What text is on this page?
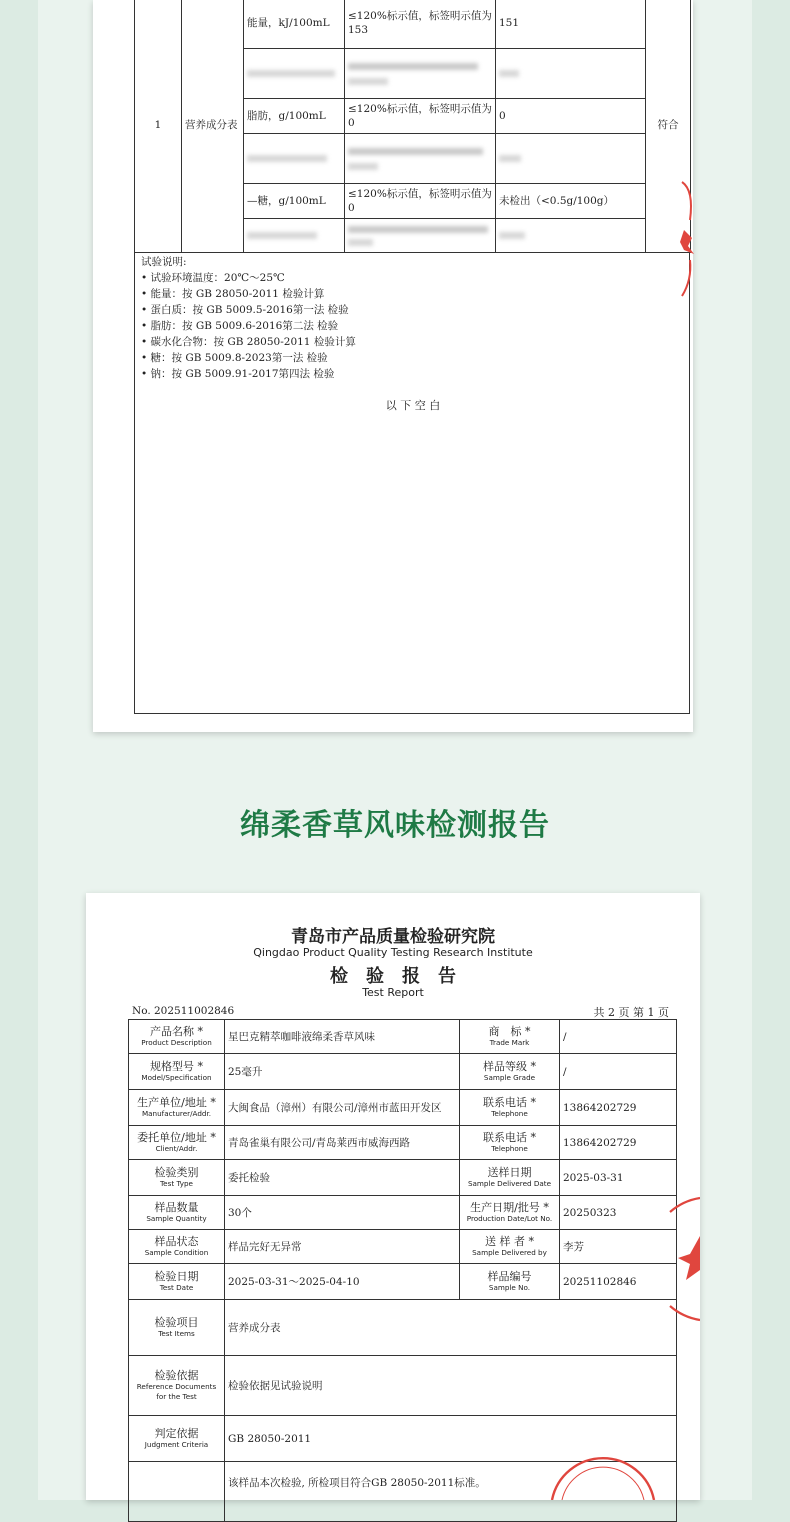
1	营养成分表	能量，kJ/100mL	≤120%标示值，标签明示值为153	151	符合

		脂肪，g/100mL	≤120%标示值，标签明示值为0	0	

		—糖，g/100mL	≤120%标示值，标签明示值为0	未检出（<0.5g/100g）	

试验说明:
• 试验环境温度：20℃～25℃
• 能量：按 GB 28050-2011 检验计算
• 蛋白质：按 GB 5009.5-2016第一法 检验
• 脂肪：按 GB 5009.6-2016第二法 检验
• 碳水化合物：按 GB 28050-2011 检验计算
• 糖：按 GB 5009.8-2023第一法 检验
• 钠：按 GB 5009.91-2017第四法 检验
以 下 空 白
绵柔香草风味检测报告
青岛市产品质量检验研究院
Qingdao Product Quality Testing Research Institute
检　验　报　告
Test Report
No. 202511002846	共 2 页 第 1 页
产品名称 *
Product Description	星巴克精萃咖啡液绵柔香草风味	商　标 *
Trade Mark	/

规格型号 *
Model/Specification	25毫升	样品等级 *
Sample Grade	/

生产单位/地址 *
Manufacturer/Addr.	大闽食品（漳州）有限公司/漳州市蓝田开发区	联系电话 *
Telephone	13864202729

委托单位/地址 *
Client/Addr.	青岛雀巢有限公司/青岛莱西市威海西路	联系电话 *
Telephone	13864202729

检验类别
Test Type	委托检验	送样日期
Sample Delivered Date	2025-03-31

样品数量
Sample Quantity	30个	生产日期/批号 *
Production Date/Lot No.	20250323

样品状态
Sample Condition	样品完好无异常	送 样 者 *
Sample Delivered by	李芳

检验日期
Test Date	2025-03-31～2025-04-10	样品编号
Sample No.	20251102846

检验项目
Test Items	营养成分表		

检验依据
Reference Documents for the Test	检验依据见试验说明		

判定依据
Judgment Criteria	GB 28050-2011		
	该样品本次检验, 所检项目符合GB 28050-2011标准。		
